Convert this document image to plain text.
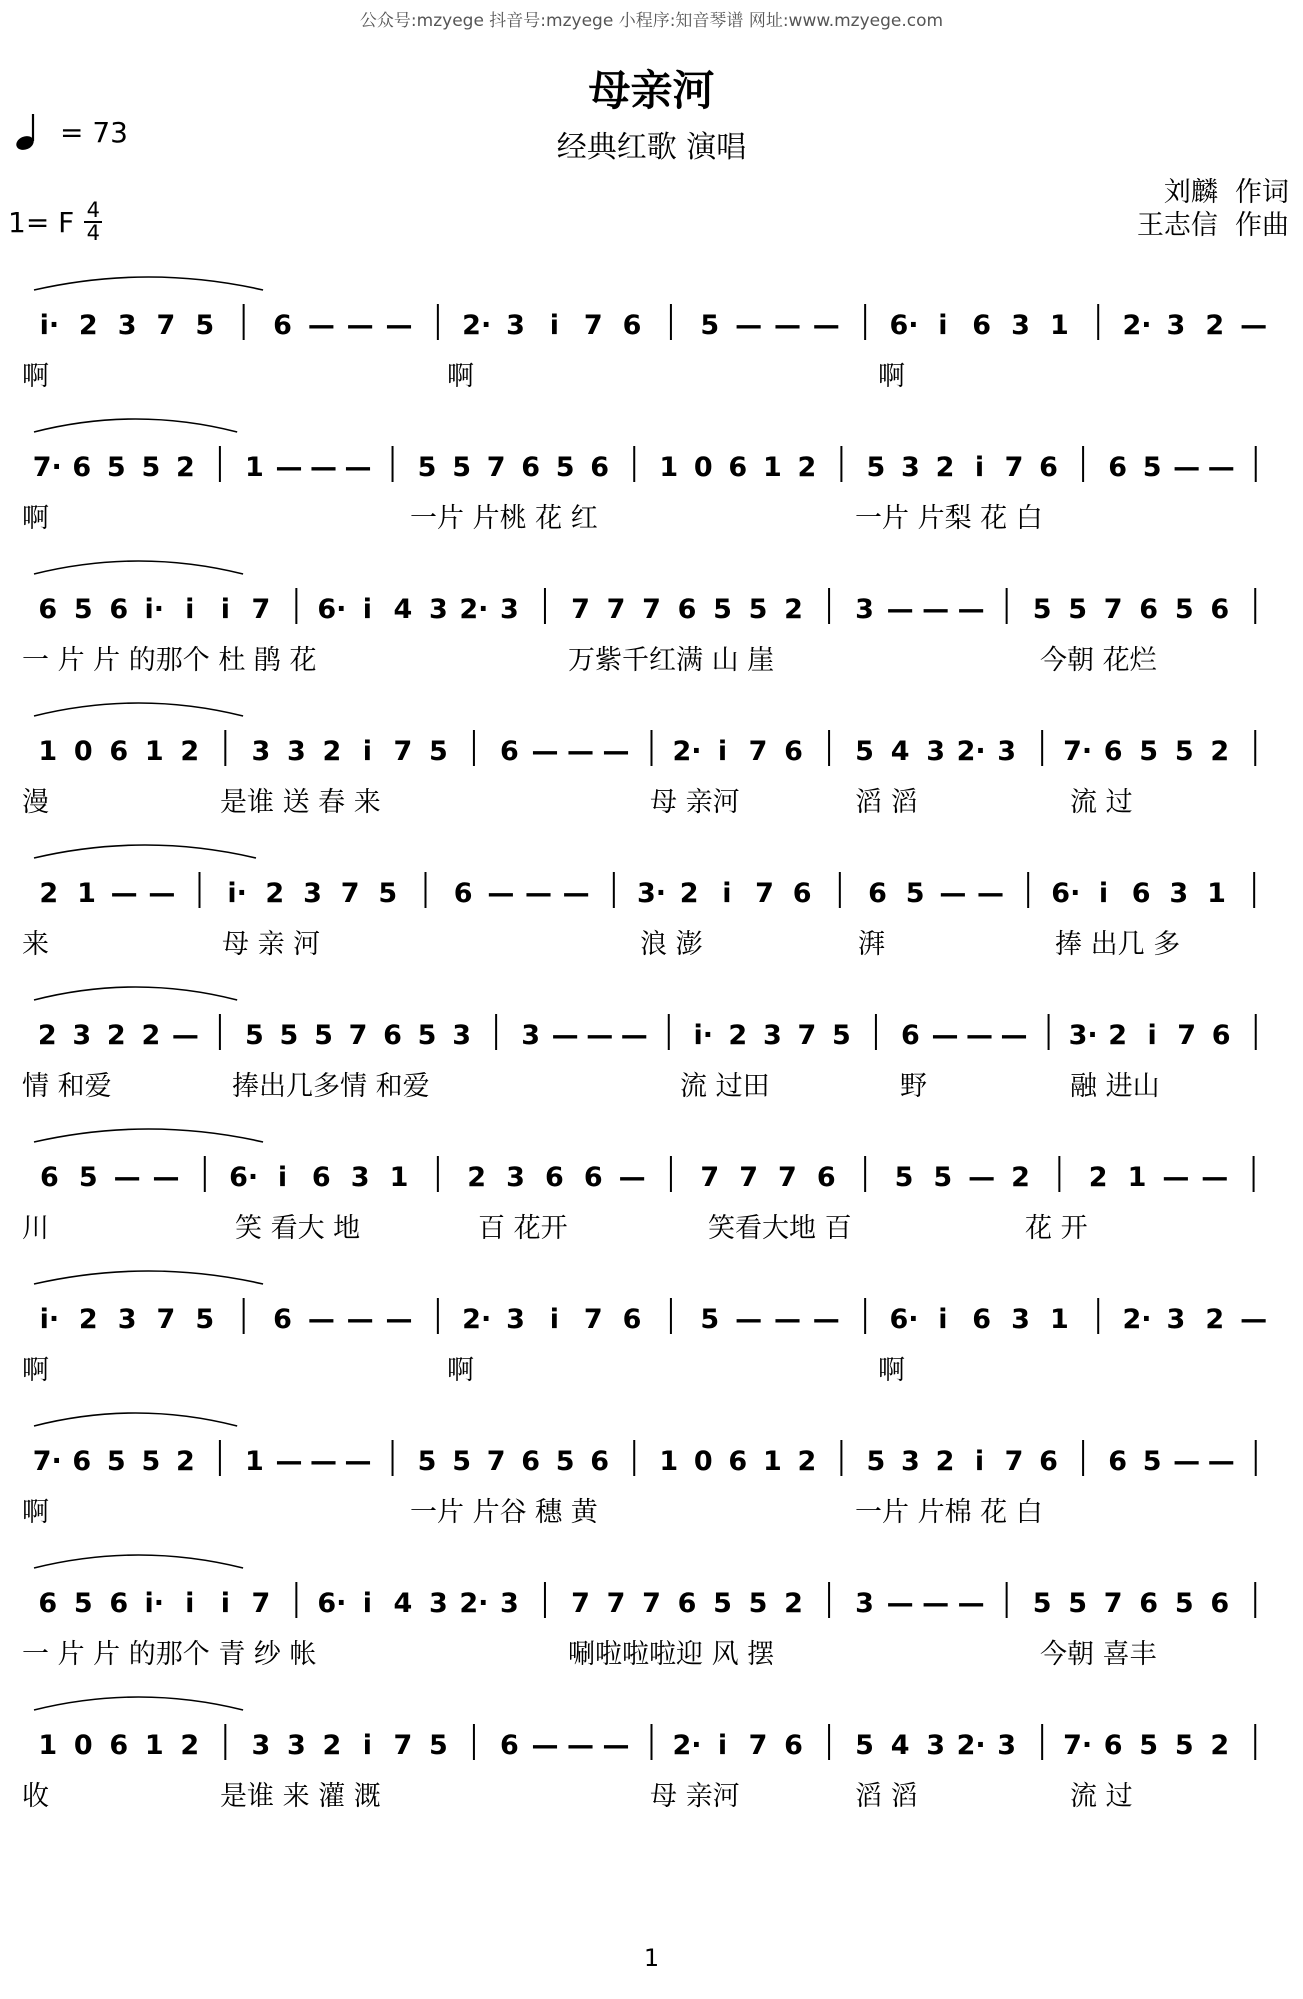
公众号:mzyege 抖音号:mzyege 小程序:知音琴谱 网址:www.mzyege.com
母亲河
经典红歌 演唱
= 73
1= F $\frac{4}{4}$
刘麟  作词
王志信  作曲
i· 2 3 7 5 6 — — — 2· 3 i 7 6 5 — — — 6· i 6 3 1 2· 3 2 —
啊	啊	啊
7· 6 5 5 2 1 — — — 5 5 7 6 5 6 1 0 6 1 2 5 3 2 i 7 6 6 5 — —
啊	一片 片桃 花 红	一片 片梨 花 白
6 5 6 i· i i 7 6· i 4 3 2· 3 7 7 7 6 5 5 2 3 — — — 5 5 7 6 5 6
一 片 片 的那个 杜 鹃 花	万紫千红满 山 崖	今朝 花烂
1 0 6 1 2 3 3 2 i 7 5 6 — — — 2· i 7 6 5 4 3 2· 3 7· 6 5 5 2
漫	是谁 送 春 来	母 亲河	滔 滔	流 过
2 1 — — i· 2 3 7 5 6 — — — 3· 2 i 7 6 6 5 — — 6· i 6 3 1
来	母 亲 河	浪 澎	湃	捧 出几 多
2 3 2 2 — 5 5 5 7 6 5 3 3 — — — i· 2 3 7 5 6 — — — 3· 2 i 7 6
情 和爱	捧出几多情 和爱	流 过田	野	融 进山
6 5 — — 6· i 6 3 1 2 3 6 6 — 7 7 7 6 5 5 — 2 2 1 — —
川	笑 看大 地	百 花开	笑看大地 百	花 开
i· 2 3 7 5 6 — — — 2· 3 i 7 6 5 — — — 6· i 6 3 1 2· 3 2 —
啊	啊	啊
7· 6 5 5 2 1 — — — 5 5 7 6 5 6 1 0 6 1 2 5 3 2 i 7 6 6 5 — —
啊	一片 片谷 穗 黄	一片 片棉 花 白
6 5 6 i· i i 7 6· i 4 3 2· 3 7 7 7 6 5 5 2 3 — — — 5 5 7 6 5 6
一 片 片 的那个 青 纱 帐	唰啦啦啦迎 风 摆	今朝 喜丰
1 0 6 1 2 3 3 2 i 7 5 6 — — — 2· i 7 6 5 4 3 2· 3 7· 6 5 5 2
收	是谁 来 灌 溉	母 亲河	滔 滔	流 过
1
